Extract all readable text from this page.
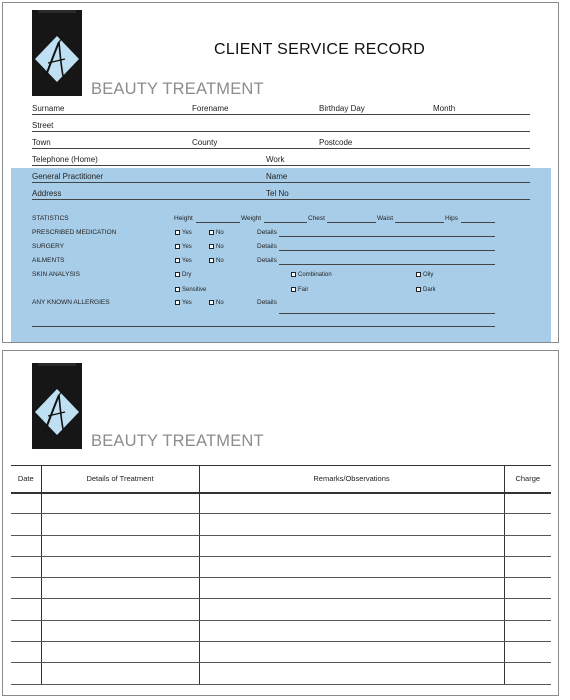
CLIENT SERVICE RECORD
BEAUTY TREATMENT
Surname	Forename	Birthday Day	Month
Street
Town	County	Postcode
Telephone (Home)	Work
General Practitioner	Name
Address	Tel No
STATISTICS	Height	Weight	Chest	Waist	Hips
PRESCRIBED MEDICATION	Yes	No	Details
SURGERY	Yes	No	Details
AILMENTS	Yes	No	Details
SKIN ANALYSIS	Dry	Combination	Oily
Sensitive	Fair	Dark
ANY KNOWN ALLERGIES	Yes	No	Details
BEAUTY TREATMENT
Date	Details of Treatment	Remarks/Observations	Charge
